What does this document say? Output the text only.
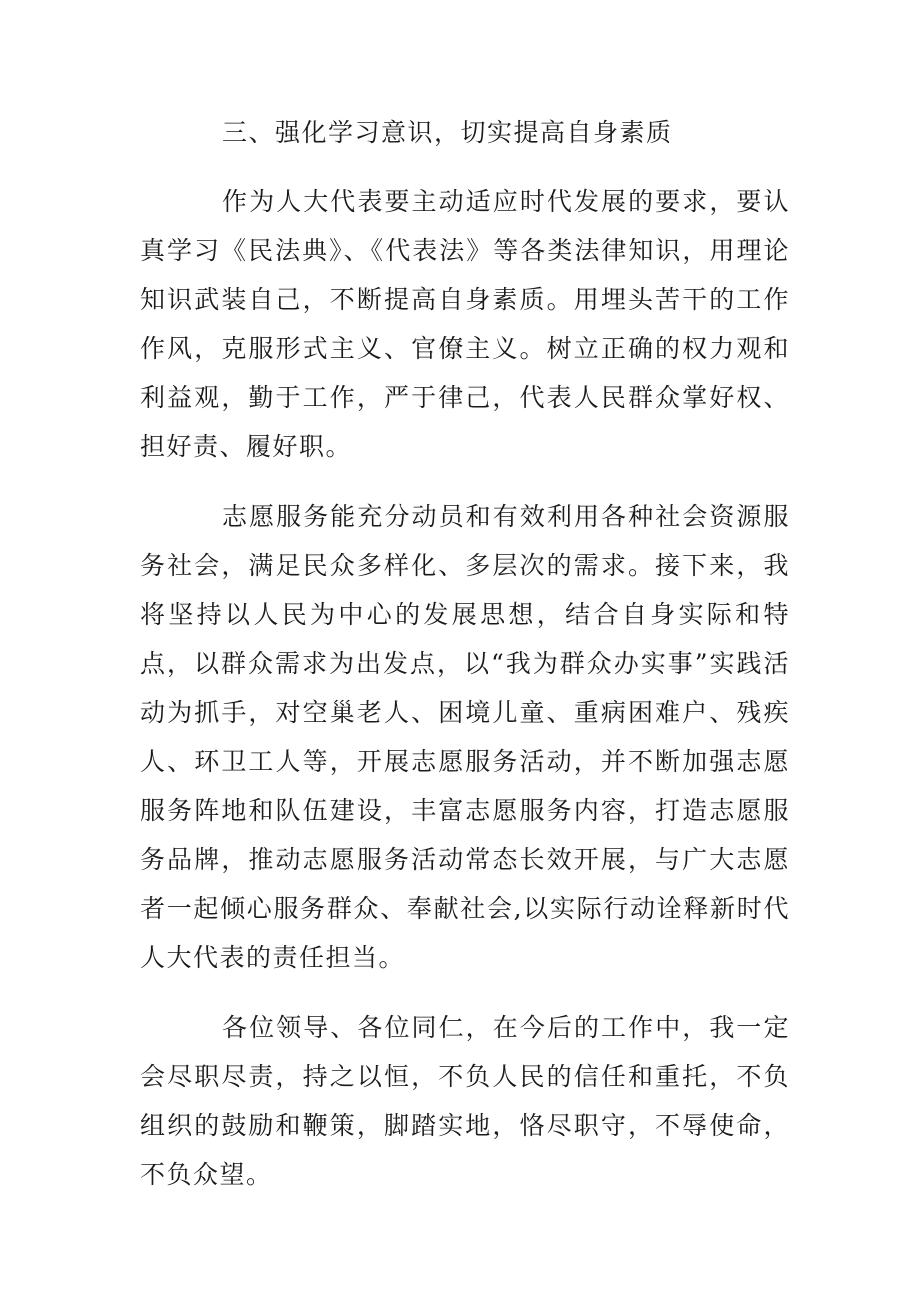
三、强化学习意识，切实提高自身素质

作为人大代表要主动适应时代发展的要求，要认真学习《民法典》、《代表法》等各类法律知识，用理论知识武装自己，不断提高自身素质。用埋头苦干的工作作风，克服形式主义、官僚主义。树立正确的权力观和利益观，勤于工作，严于律己，代表人民群众掌好权、担好责、履好职。

志愿服务能充分动员和有效利用各种社会资源服务社会，满足民众多样化、多层次的需求。接下来，我将坚持以人民为中心的发展思想，结合自身实际和特点，以群众需求为出发点，以“我为群众办实事”实践活动为抓手，对空巢老人、困境儿童、重病困难户、残疾人、环卫工人等，开展志愿服务活动，并不断加强志愿服务阵地和队伍建设，丰富志愿服务内容，打造志愿服务品牌，推动志愿服务活动常态长效开展，与广大志愿者一起倾心服务群众、奉献社会,以实际行动诠释新时代人大代表的责任担当。

各位领导、各位同仁，在今后的工作中，我一定会尽职尽责，持之以恒，不负人民的信任和重托，不负组织的鼓励和鞭策，脚踏实地，恪尽职守，不辱使命，不负众望。
